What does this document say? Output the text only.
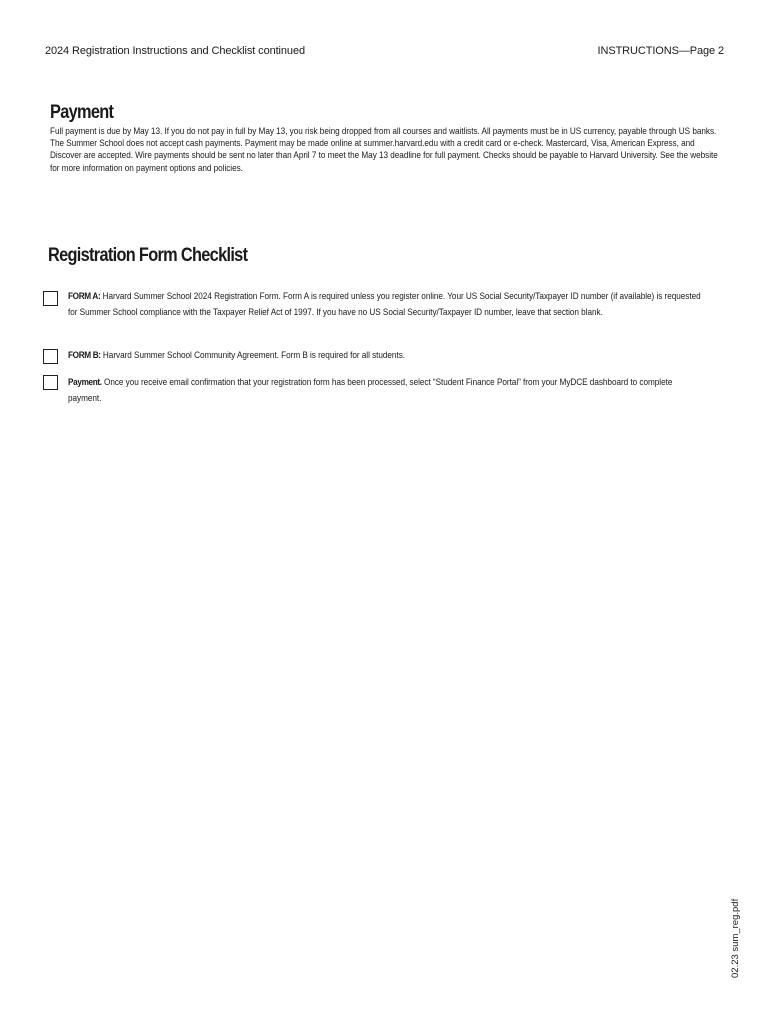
2024 Registration Instructions and Checklist continued	INSTRUCTIONS—Page 2
Payment
Full payment is due by May 13. If you do not pay in full by May 13, you risk being dropped from all courses and waitlists. All payments must be in US currency, payable through US banks. The Summer School does not accept cash payments. Payment may be made online at summer.harvard.edu with a credit card or e-check. Mastercard, Visa, American Express, and Discover are accepted. Wire payments should be sent no later than April 7 to meet the May 13 deadline for full payment. Checks should be payable to Harvard University. See the website for more information on payment options and policies.
Registration Form Checklist
FORM A: Harvard Summer School 2024 Registration Form. Form A is required unless you register online. Your US Social Security/Taxpayer ID number (if available) is requested for Summer School compliance with the Taxpayer Relief Act of 1997. If you have no US Social Security/Taxpayer ID number, leave that section blank.
FORM B: Harvard Summer School Community Agreement. Form B is required for all students.
Payment. Once you receive email confirmation that your registration form has been processed, select “Student Finance Portal” from your MyDCE dashboard to complete payment.
02.23 sum_reg.pdf
